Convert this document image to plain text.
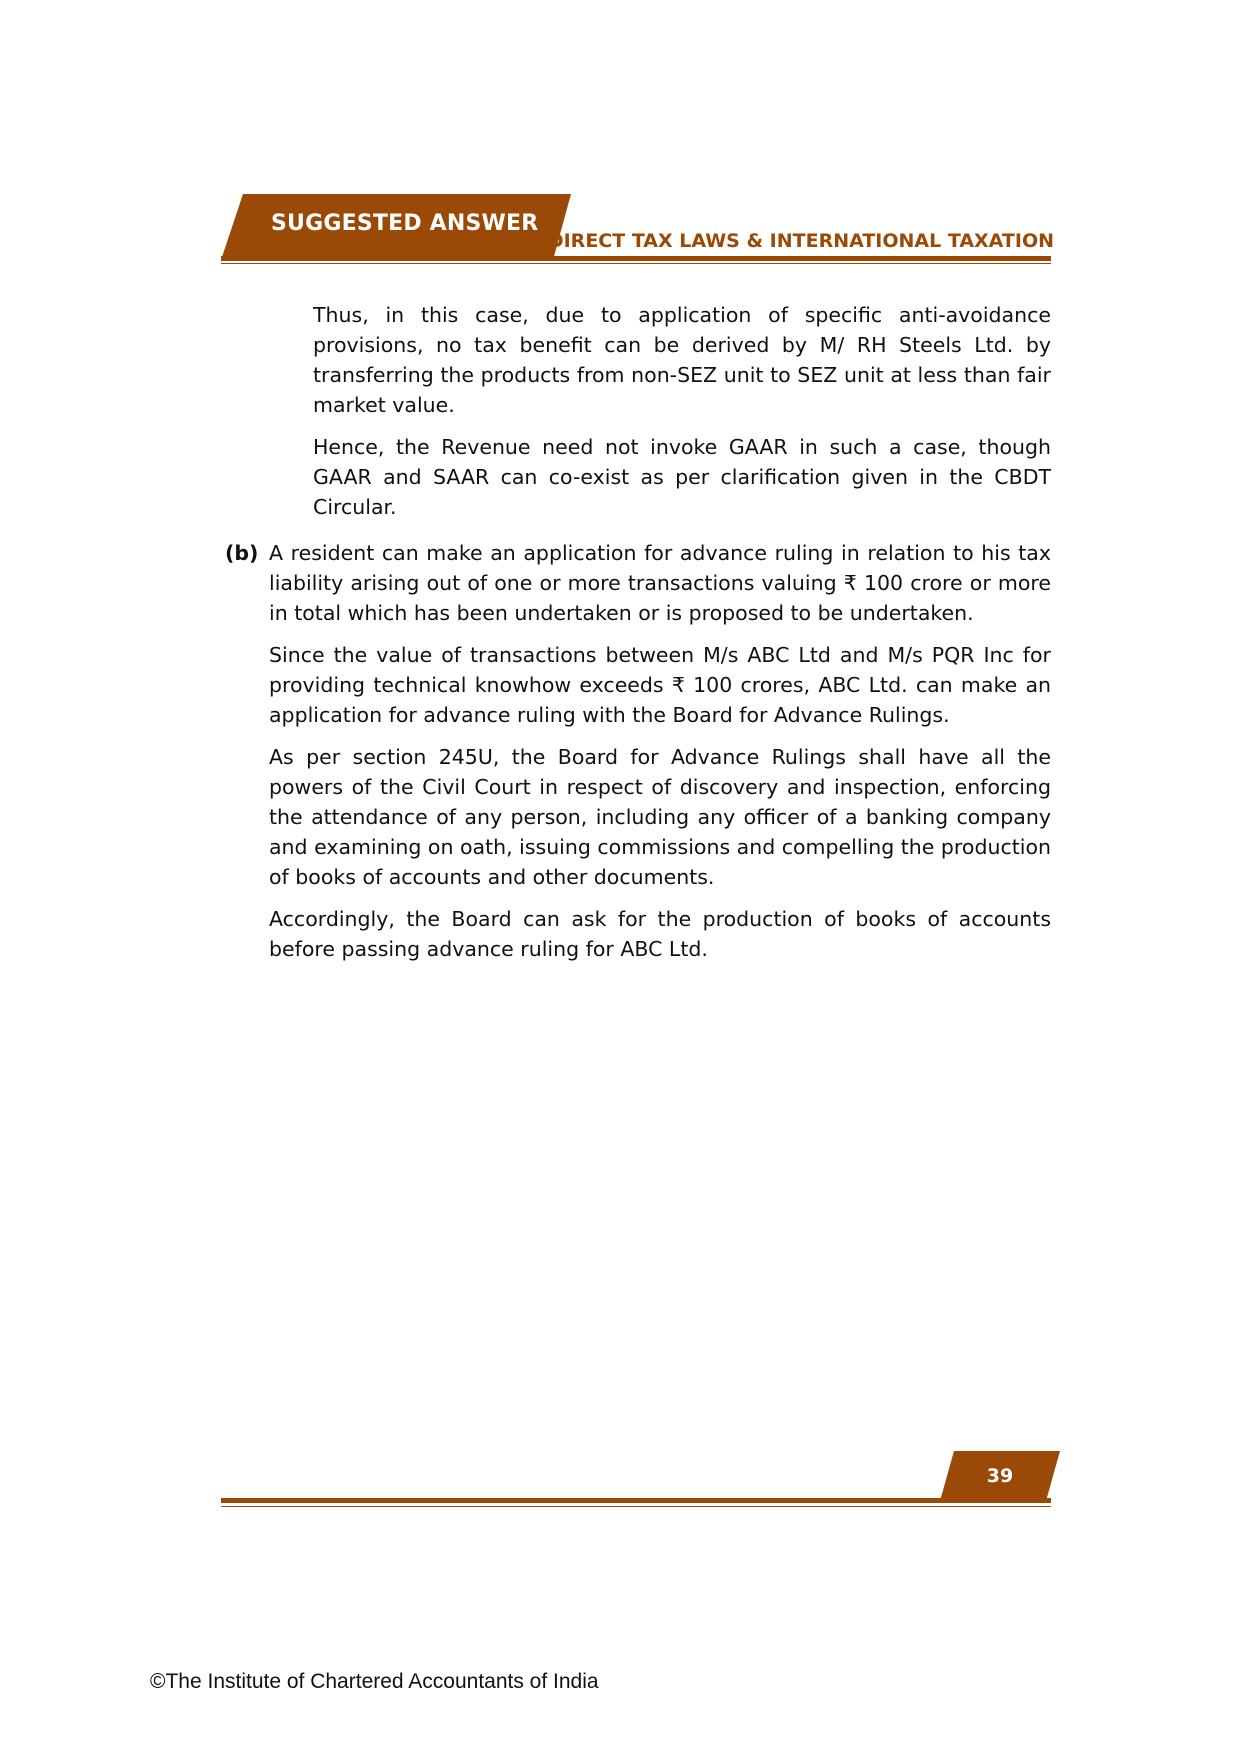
SUGGESTED ANSWER
DIRECT TAX LAWS & INTERNATIONAL TAXATION

Thus, in this case, due to application of specific anti-avoidance provisions, no tax benefit can be derived by M/ RH Steels Ltd. by transferring the products from non-SEZ unit to SEZ unit at less than fair market value.

Hence, the Revenue need not invoke GAAR in such a case, though GAAR and SAAR can co-exist as per clarification given in the CBDT Circular.

(b) A resident can make an application for advance ruling in relation to his tax liability arising out of one or more transactions valuing ₹ 100 crore or more in total which has been undertaken or is proposed to be undertaken.

Since the value of transactions between M/s ABC Ltd and M/s PQR Inc for providing technical knowhow exceeds ₹ 100 crores, ABC Ltd. can make an application for advance ruling with the Board for Advance Rulings.

As per section 245U, the Board for Advance Rulings shall have all the powers of the Civil Court in respect of discovery and inspection, enforcing the attendance of any person, including any officer of a banking company and examining on oath, issuing commissions and compelling the production of books of accounts and other documents.

Accordingly, the Board can ask for the production of books of accounts before passing advance ruling for ABC Ltd.

39
©The Institute of Chartered Accountants of India
